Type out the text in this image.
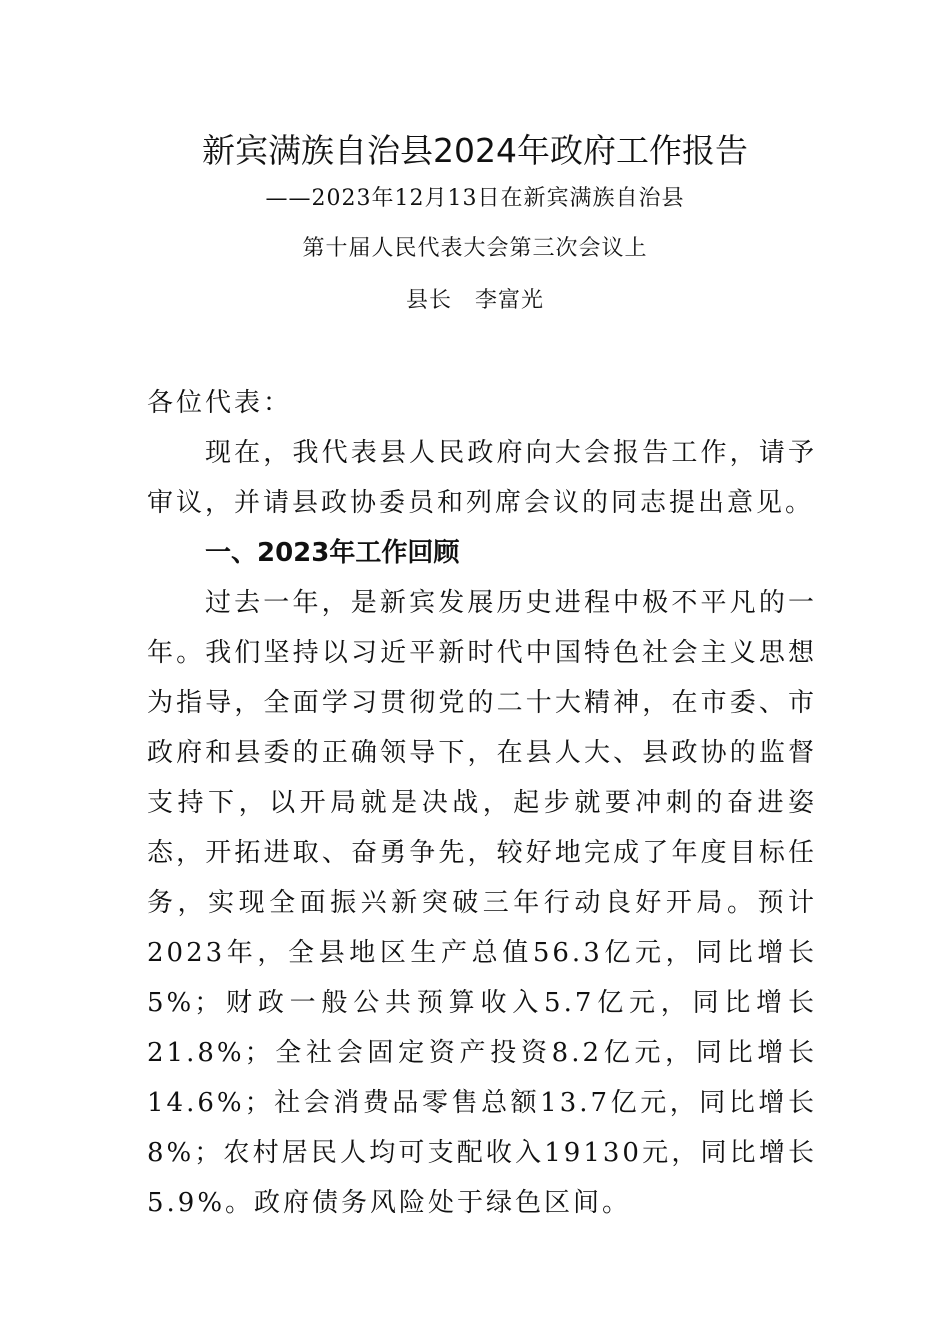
新宾满族自治县2024年政府工作报告
——2023年12月13日在新宾满族自治县
第十届人民代表大会第三次会议上
县长　李富光
各位代表：
现在，我代表县人民政府向大会报告工作，请予审议，并请县政协委员和列席会议的同志提出意见。
一、2023年工作回顾
过去一年，是新宾发展历史进程中极不平凡的一年。我们坚持以习近平新时代中国特色社会主义思想为指导，全面学习贯彻党的二十大精神，在市委、市政府和县委的正确领导下，在县人大、县政协的监督支持下，以开局就是决战，起步就要冲刺的奋进姿态，开拓进取、奋勇争先，较好地完成了年度目标任务，实现全面振兴新突破三年行动良好开局。预计2023年，全县地区生产总值56.3亿元，同比增长5%；财政一般公共预算收入5.7亿元，同比增长21.8%；全社会固定资产投资8.2亿元，同比增长14.6%；社会消费品零售总额13.7亿元，同比增长8%；农村居民人均可支配收入19130元，同比增长5.9%。政府债务风险处于绿色区间。
